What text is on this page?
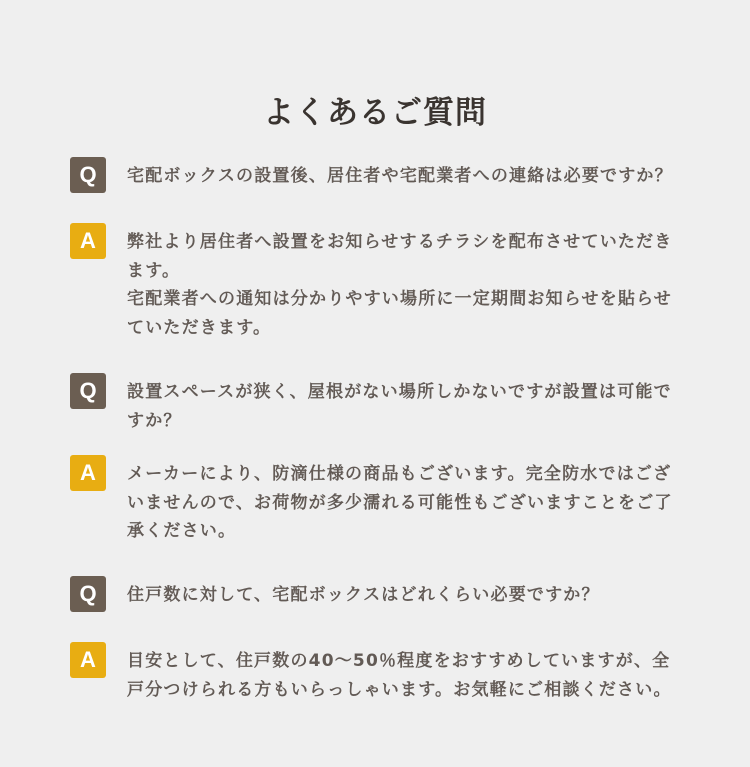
よくあるご質問
Q	宅配ボックスの設置後、居住者や宅配業者への連絡は必要ですか？
A	弊社より居住者へ設置をお知らせするチラシを配布させていただきます。
宅配業者への通知は分かりやすい場所に一定期間お知らせを貼らせていただきます。
Q	設置スペースが狭く、屋根がない場所しかないですが設置は可能ですか？
A	メーカーにより、防滴仕様の商品もございます。完全防水ではございませんので、お荷物が多少濡れる可能性もございますことをご了承ください。
Q	住戸数に対して、宅配ボックスはどれくらい必要ですか？
A	目安として、住戸数の40～50％程度をおすすめしていますが、全戸分つけられる方もいらっしゃいます。お気軽にご相談ください。
